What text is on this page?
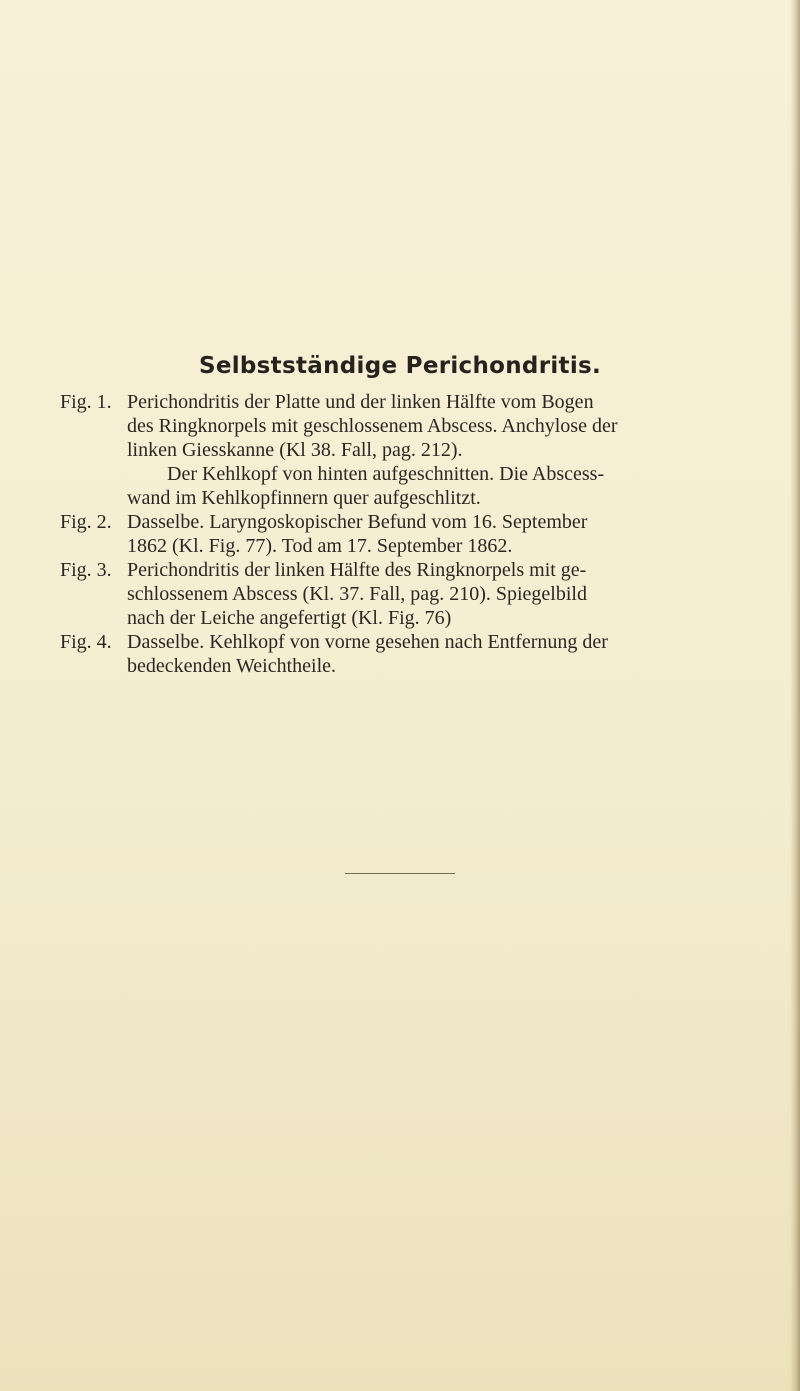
Selbstständige Perichondritis.
Fig. 1. Perichondritis der Platte und der linken Hälfte vom Bogen
des Ringknorpels mit geschlossenem Abscess. Anchylose der
linken Giesskanne (Kl 38. Fall, pag. 212).
Der Kehlkopf von hinten aufgeschnitten. Die Abscess-
wand im Kehlkopfinnern quer aufgeschlitzt.
Fig. 2. Dasselbe. Laryngoskopischer Befund vom 16. September
1862 (Kl. Fig. 77). Tod am 17. September 1862.
Fig. 3. Perichondritis der linken Hälfte des Ringknorpels mit ge-
schlossenem Abscess (Kl. 37. Fall, pag. 210). Spiegelbild
nach der Leiche angefertigt (Kl. Fig. 76)
Fig. 4. Dasselbe. Kehlkopf von vorne gesehen nach Entfernung der
bedeckenden Weichtheile.
